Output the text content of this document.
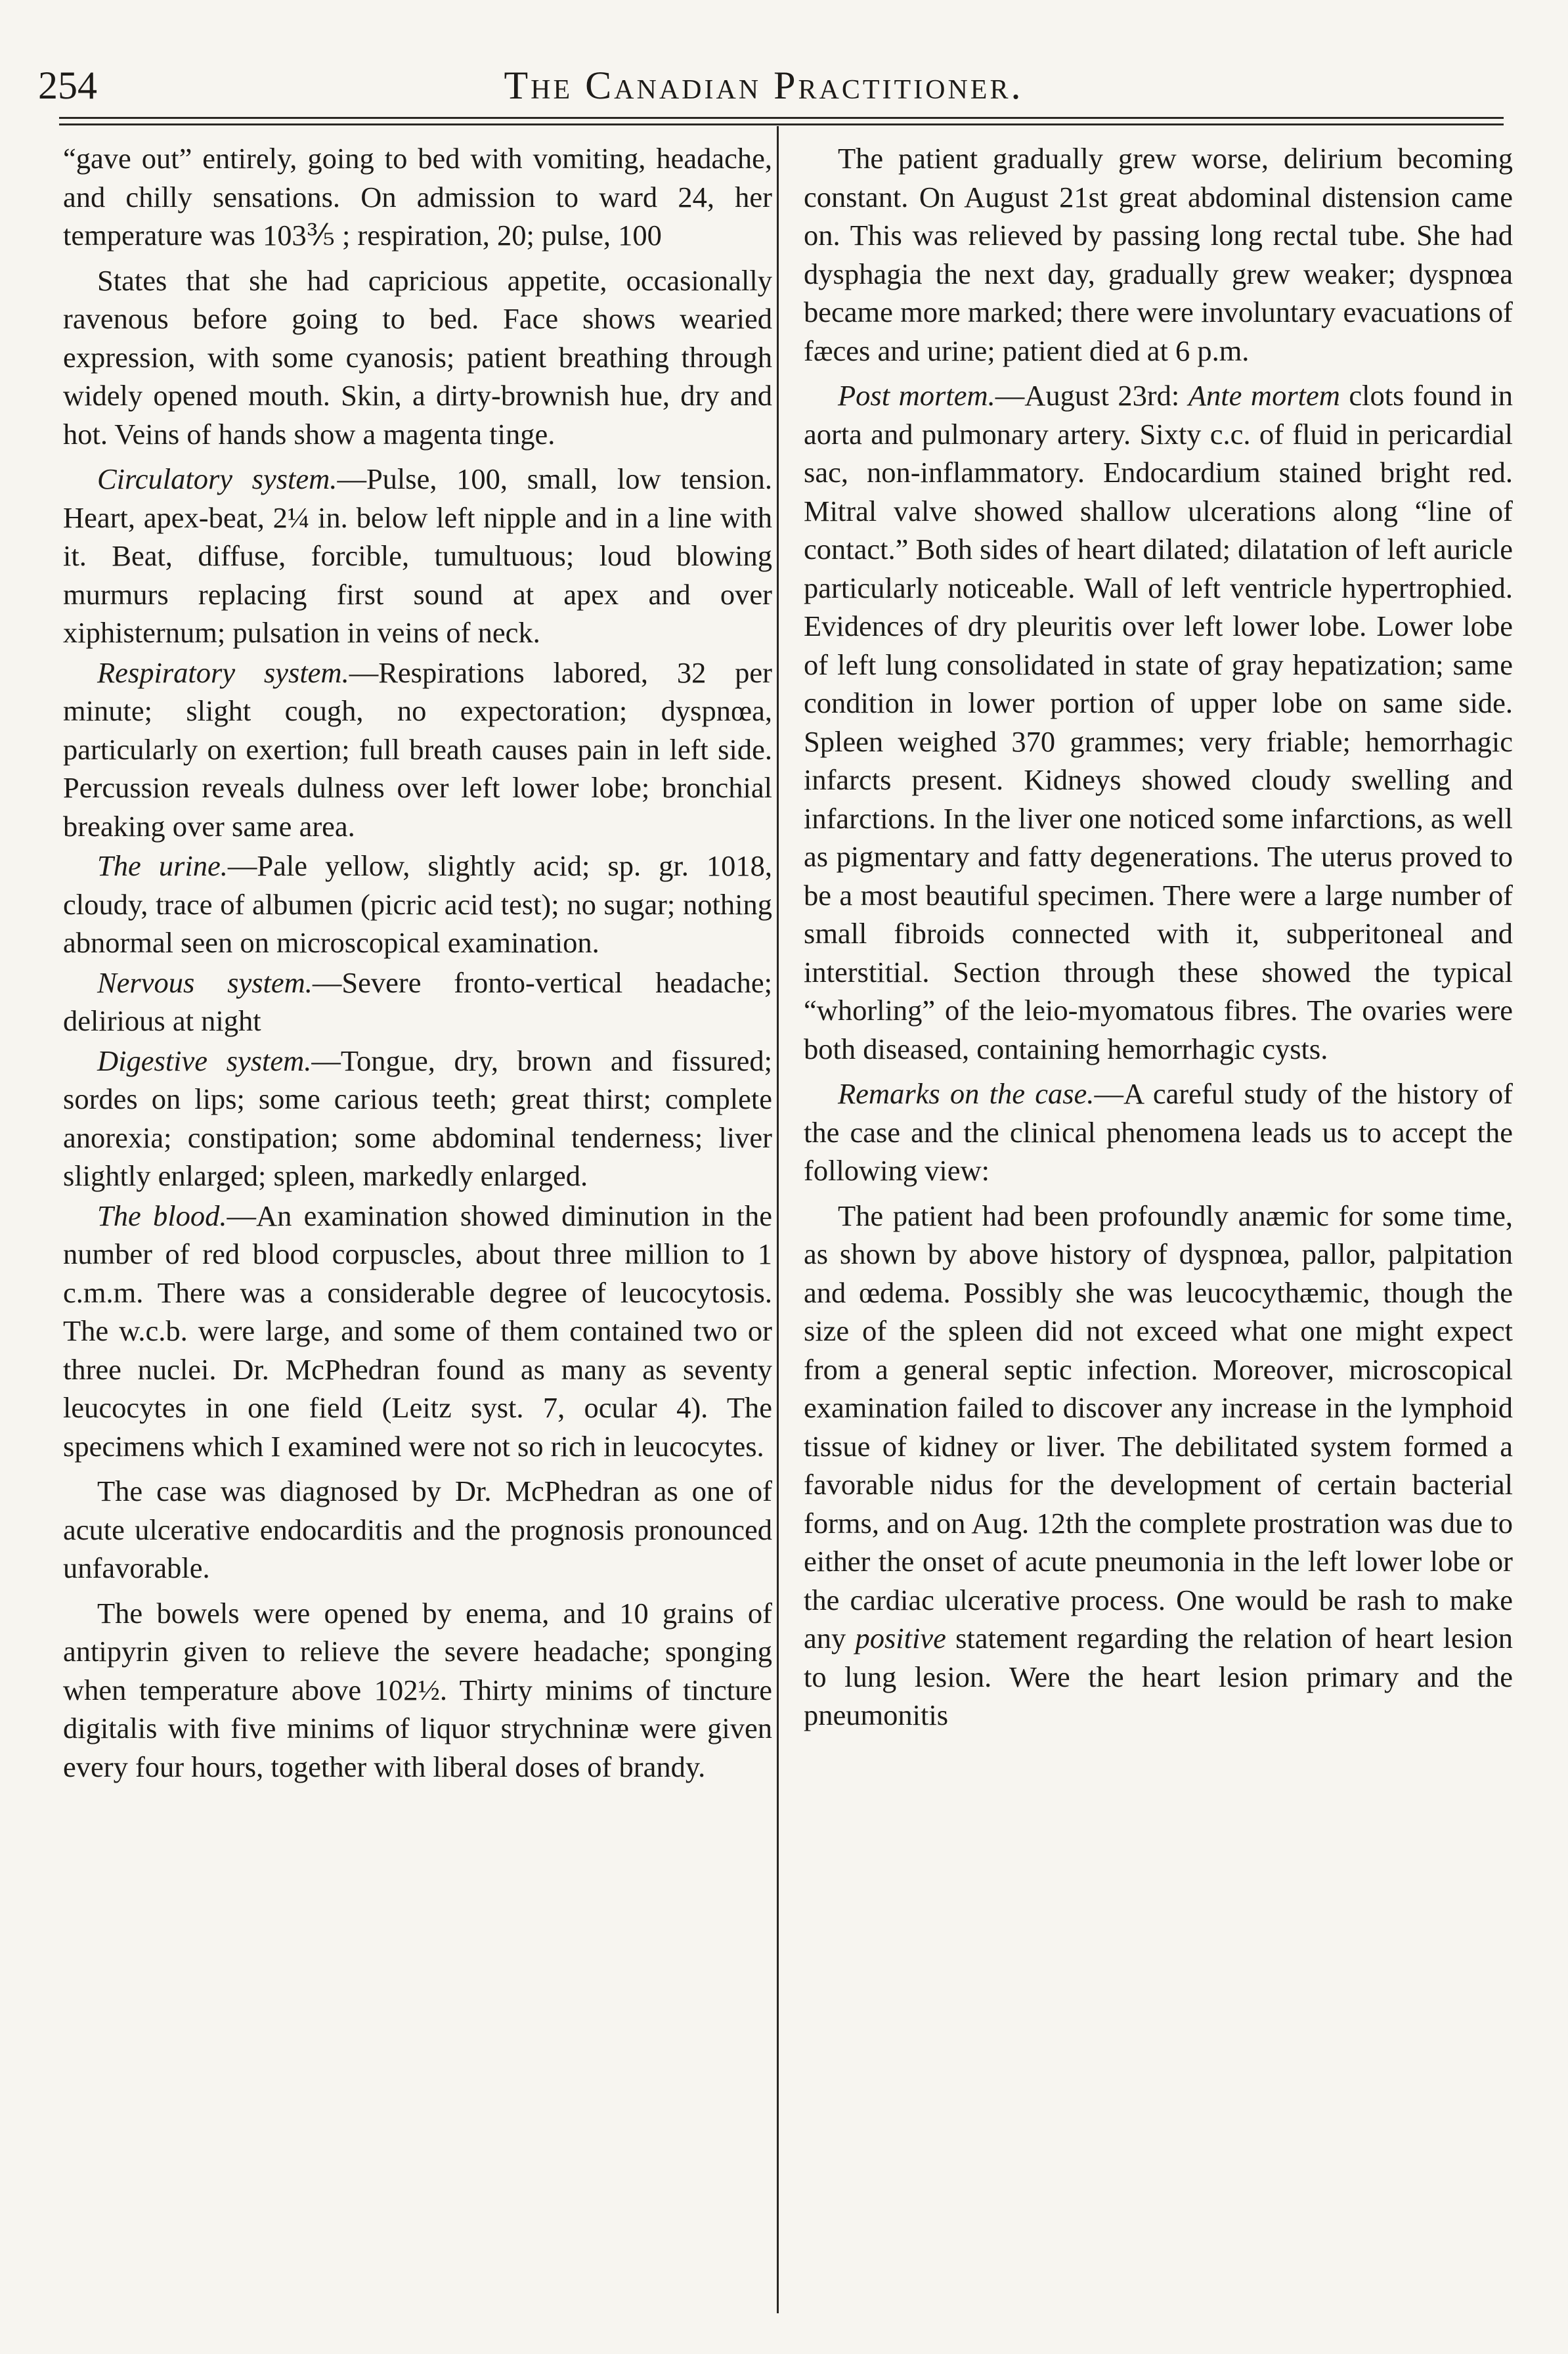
254	The Canadian Practitioner.

“gave out” entirely, going to bed with vomiting, headache, and chilly sensations. On admission to ward 24, her temperature was 103⅗ ; respiration, 20; pulse, 100

States that she had capricious appetite, occasionally ravenous before going to bed. Face shows wearied expression, with some cyanosis; patient breathing through widely opened mouth. Skin, a dirty-brownish hue, dry and hot. Veins of hands show a magenta tinge.

Circulatory system.—Pulse, 100, small, low tension. Heart, apex-beat, 2¼ in. below left nipple and in a line with it. Beat, diffuse, forcible, tumultuous; loud blowing murmurs replacing first sound at apex and over xiphisternum; pulsation in veins of neck.

Respiratory system.—Respirations labored, 32 per minute; slight cough, no expectoration; dyspnœa, particularly on exertion; full breath causes pain in left side. Percussion reveals dulness over left lower lobe; bronchial breaking over same area.

The urine.—Pale yellow, slightly acid; sp. gr. 1018, cloudy, trace of albumen (picric acid test); no sugar; nothing abnormal seen on microscopical examination.

Nervous system.—Severe fronto-vertical headache; delirious at night

Digestive system.—Tongue, dry, brown and fissured; sordes on lips; some carious teeth; great thirst; complete anorexia; constipation; some abdominal tenderness; liver slightly enlarged; spleen, markedly enlarged.

The blood.—An examination showed diminution in the number of red blood corpuscles, about three million to 1 c.m.m. There was a considerable degree of leucocytosis. The w.c.b. were large, and some of them contained two or three nuclei. Dr. McPhedran found as many as seventy leucocytes in one field (Leitz syst. 7, ocular 4). The specimens which I examined were not so rich in leucocytes.

The case was diagnosed by Dr. McPhedran as one of acute ulcerative endocarditis and the prognosis pronounced unfavorable.

The bowels were opened by enema, and 10 grains of antipyrin given to relieve the severe headache; sponging when temperature above 102½. Thirty minims of tincture digitalis with five minims of liquor strychninæ were given every four hours, together with liberal doses of brandy.

The patient gradually grew worse, delirium becoming constant. On August 21st great abdominal distension came on. This was relieved by passing long rectal tube. She had dysphagia the next day, gradually grew weaker; dyspnœa became more marked; there were involuntary evacuations of fæces and urine; patient died at 6 p.m.

Post mortem.—August 23rd: Ante mortem clots found in aorta and pulmonary artery. Sixty c.c. of fluid in pericardial sac, non-inflammatory. Endocardium stained bright red. Mitral valve showed shallow ulcerations along “line of contact.” Both sides of heart dilated; dilatation of left auricle particularly noticeable. Wall of left ventricle hypertrophied. Evidences of dry pleuritis over left lower lobe. Lower lobe of left lung consolidated in state of gray hepatization; same condition in lower portion of upper lobe on same side. Spleen weighed 370 grammes; very friable; hemorrhagic infarcts present. Kidneys showed cloudy swelling and infarctions. In the liver one noticed some infarctions, as well as pigmentary and fatty degenerations. The uterus proved to be a most beautiful specimen. There were a large number of small fibroids connected with it, subperitoneal and interstitial. Section through these showed the typical “whorling” of the leio-myomatous fibres. The ovaries were both diseased, containing hemorrhagic cysts.

Remarks on the case.—A careful study of the history of the case and the clinical phenomena leads us to accept the following view:

The patient had been profoundly anæmic for some time, as shown by above history of dyspnœa, pallor, palpitation and œdema. Possibly she was leucocythæmic, though the size of the spleen did not exceed what one might expect from a general septic infection. Moreover, microscopical examination failed to discover any increase in the lymphoid tissue of kidney or liver. The debilitated system formed a favorable nidus for the development of certain bacterial forms, and on Aug. 12th the complete prostration was due to either the onset of acute pneumonia in the left lower lobe or the cardiac ulcerative process. One would be rash to make any positive statement regarding the relation of heart lesion to lung lesion. Were the heart lesion primary and the pneumonitis
